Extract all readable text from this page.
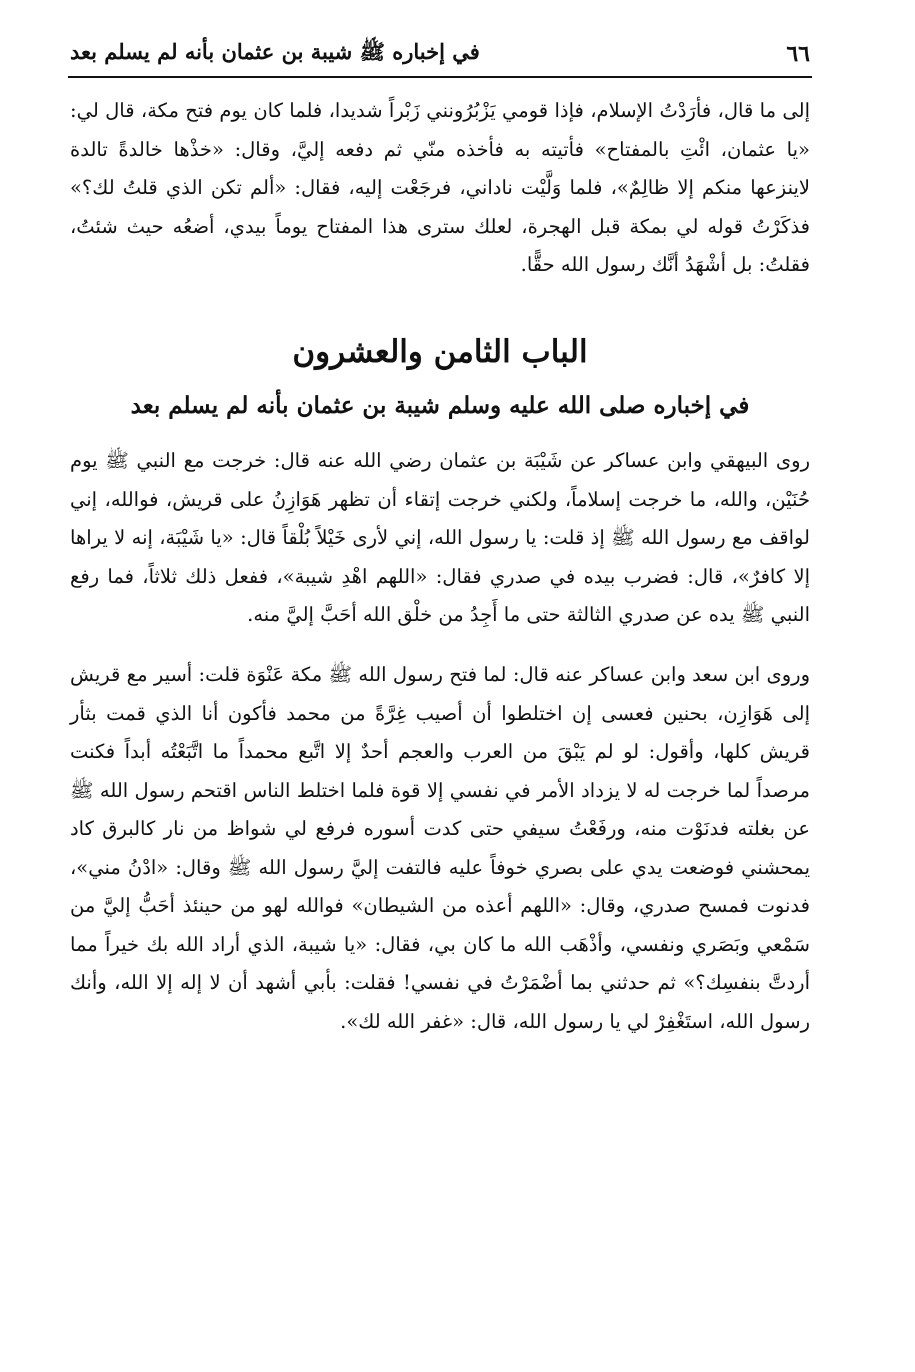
٦٦
في إخباره ﷺ شيبة بن عثمان بأنه لم يسلم بعد

إلى ما قال، فأرَدْتُ الإسلام، فإذا قومي يَزْبُرُونني زَبْراً شديدا، فلما كان يوم فتح مكة، قال لي: «يا عثمان، ائْتِ بالمفتاح» فأتيته به فأخذه منّي ثم دفعه إليَّ، وقال: «خذْها خالدةً تالدة لاينزعها منكم إلا ظالِمٌ»، فلما وَلَّيْت ناداني، فرجَعْت إليه، فقال: «ألم تكن الذي قلتُ لك؟» فذكَرْتُ قوله لي بمكة قبل الهجرة، لعلك سترى هذا المفتاح يوماً بيدي، أضعُه حيث شئتُ، فقلتُ: بل أشْهَدُ أنَّك رسول الله حقًّا.

الباب الثامن والعشرون
في إخباره صلى الله عليه وسلم شيبة بن عثمان بأنه لم يسلم بعد

روى البيهقي وابن عساكر عن شَيْبَة بن عثمان رضي الله عنه قال: خرجت مع النبي ﷺ يوم حُنَيْن، والله، ما خرجت إسلاماً، ولكني خرجت إتقاء أن تظهر هَوَازِنُ على قريش، فوالله، إني لواقف مع رسول الله ﷺ إذ قلت: يا رسول الله، إني لأرى خَيْلاً بُلْقاً قال: «يا شَيْبَة، إنه لا يراها إلا كافرٌ»، قال: فضرب بيده في صدري فقال: «اللهم اهْدِ شيبة»، ففعل ذلك ثلاثاً، فما رفع النبي ﷺ يده عن صدري الثالثة حتى ما أَجِدُ من خلْق الله أحَبَّ إليَّ منه.

وروى ابن سعد وابن عساكر عنه قال: لما فتح رسول الله ﷺ مكة عَنْوَة قلت: أسير مع قريش إلى هَوَازِن، بحنين فعسى إن اختلطوا أن أصيب غِرَّةً من محمد فأكون أنا الذي قمت بثأر قريش كلها، وأقول: لو لم يَبْقَ من العرب والعجم أحدٌ إلا اتَّبع محمداً ما اتَّبَعْتُه أبداً فكنت مرصداً لما خرجت له لا يزداد الأمر في نفسي إلا قوة فلما اختلط الناس اقتحم رسول الله ﷺ عن بغلته فدنَوْت منه، ورفَعْتُ سيفي حتى كدت أسوره فرفع لي شواظ من نار كالبرق كاد يمحشني فوضعت يدي على بصري خوفاً عليه فالتفت إليَّ رسول الله ﷺ وقال: «ادْنُ مني»، فدنوت فمسح صدري، وقال: «اللهم أعذه من الشيطان» فوالله لهو من حينئذ أحَبُّ إليَّ من سَمْعي وبَصَري ونفسي، وأذْهَب الله ما كان بي، فقال: «يا شيبة، الذي أراد الله بك خيراً مما أردتَّ بنفسِك؟» ثم حدثني بما أضْمَرْتُ في نفسي! فقلت: بأبي أشهد أن لا إله إلا الله، وأنك رسول الله، استَغْفِرْ لي يا رسول الله، قال: «غفر الله لك».
